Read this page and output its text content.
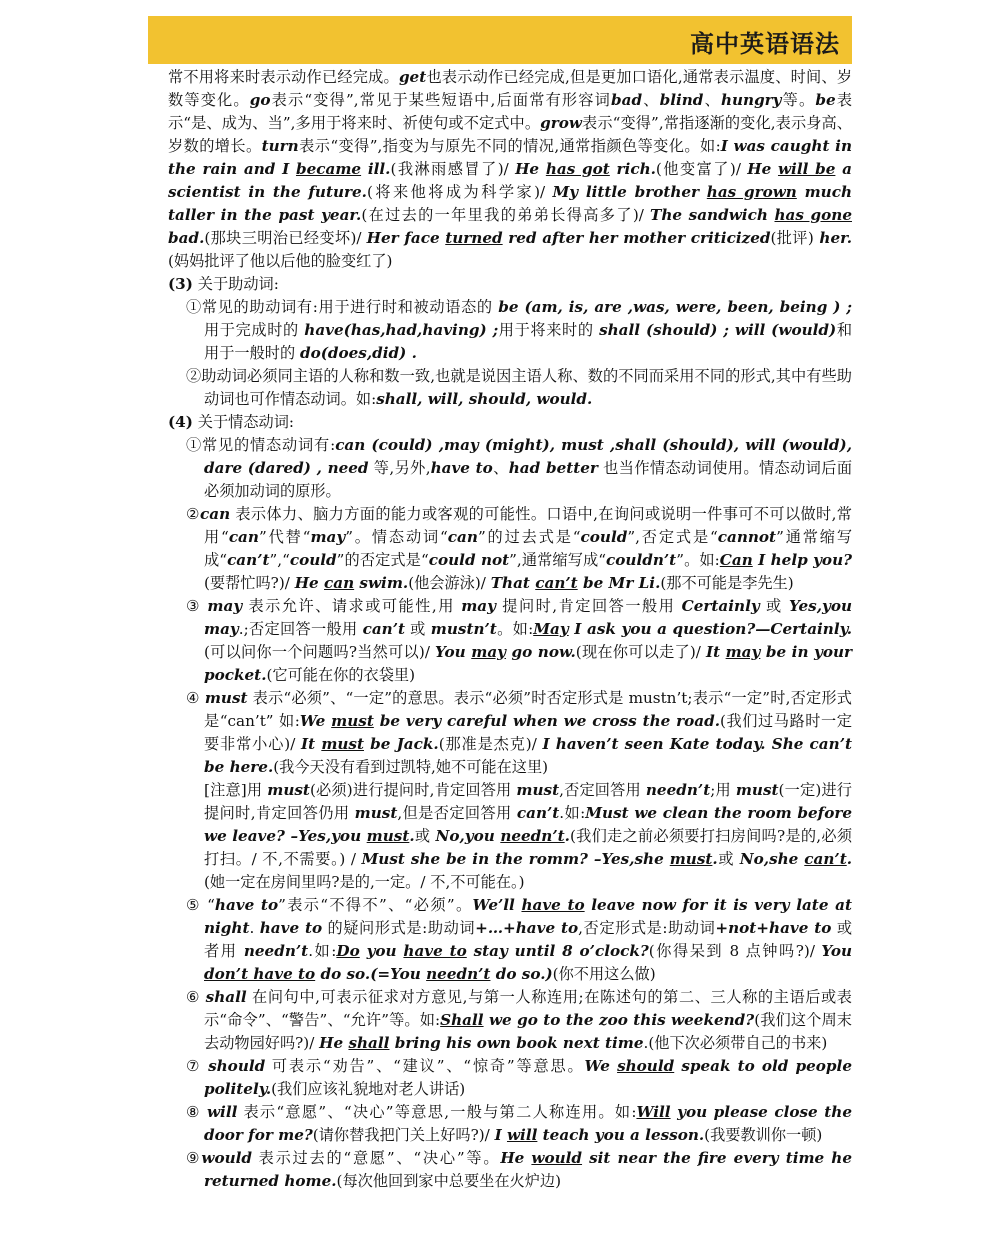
高中英语语法

常不用将来时表示动作已经完成。get也表示动作已经完成,但是更加口语化,通常表示温度、时间、岁数等变化。go表示“变得”,常见于某些短语中,后面常有形容词bad、blind、hungry等。be表示“是、成为、当”,多用于将来时、祈使句或不定式中。grow表示“变得”,常指逐渐的变化,表示身高、岁数的增长。turn表示“变得”,指变为与原先不同的情况,通常指颜色等变化。如:I was caught in the rain and I became ill.(我淋雨感冒了)/ He has got rich.(他变富了)/ He will be a scientist in the future.(将来他将成为科学家)/ My little brother has grown much taller in the past year.(在过去的一年里我的弟弟长得高多了)/ The sandwich has gone bad.(那块三明治已经变坏)/ Her face turned red after her mother criticized(批评) her.(妈妈批评了他以后他的脸变红了)

(3) 关于助动词:

①常见的助动词有:用于进行时和被动语态的 be (am, is, are ,was, were, been, being ) ; 用于完成时的 have(has,had,having) ;用于将来时的 shall (should) ; will (would)和用于一般时的 do(does,did) .

②助动词必须同主语的人称和数一致,也就是说因主语人称、数的不同而采用不同的形式,其中有些助动词也可作情态动词。如:shall, will, should, would.

(4) 关于情态动词:

①常见的情态动词有:can (could) ,may (might), must ,shall (should), will (would), dare (dared) , need 等,另外,have to、had better 也当作情态动词使用。情态动词后面必须加动词的原形。

②can 表示体力、脑力方面的能力或客观的可能性。口语中,在询问或说明一件事可不可以做时,常用“can”代替“may”。情态动词“can”的过去式是“could”,否定式是“cannot”通常缩写成“can’t”,“could”的否定式是“could not”,通常缩写成“couldn’t”。如:Can I help you?(要帮忙吗?)/ He can swim.(他会游泳)/ That can’t be Mr Li.(那不可能是李先生)

③ may 表示允许、请求或可能性,用 may 提问时,肯定回答一般用 Certainly 或 Yes,you may.;否定回答一般用 can’t 或 mustn’t。如:May I ask you a question?—Certainly.(可以问你一个问题吗?当然可以)/ You may go now.(现在你可以走了)/ It may be in your pocket.(它可能在你的衣袋里)

④ must 表示“必须”、“一定”的意思。表示“必须”时否定形式是 mustn’t;表示“一定”时,否定形式是“can’t” 如:We must be very careful when we cross the road.(我们过马路时一定要非常小心)/ It must be Jack.(那准是杰克)/ I haven’t seen Kate today. She can’t be here.(我今天没有看到过凯特,她不可能在这里)

[注意]用 must(必须)进行提问时,肯定回答用 must,否定回答用 needn’t;用 must(一定)进行提问时,肯定回答仍用 must,但是否定回答用 can’t.如:Must we clean the room before we leave? –Yes,you must.或 No,you needn’t.(我们走之前必须要打扫房间吗?是的,必须打扫。/ 不,不需要。) / Must she be in the romm? –Yes,she must.或 No,she can’t.(她一定在房间里吗?是的,一定。/ 不,不可能在。)

⑤ “have to”表示“不得不”、“必须”。We’ll have to leave now for it is very late at night. have to 的疑问形式是:助动词+…+have to,否定形式是:助动词+not+have to 或者用 needn’t.如:Do you have to stay until 8 o’clock?(你得呆到 8 点钟吗?)/ You don’t have to do so.(=You needn’t do so.)(你不用这么做)

⑥ shall 在问句中,可表示征求对方意见,与第一人称连用;在陈述句的第二、三人称的主语后或表示“命令”、“警告”、“允许”等。如:Shall we go to the zoo this weekend?(我们这个周末去动物园好吗?)/ He shall bring his own book next time.(他下次必须带自己的书来)

⑦ should 可表示“劝告”、“建议”、“惊奇”等意思。We should speak to old people politely.(我们应该礼貌地对老人讲话)

⑧ will 表示“意愿”、“决心”等意思,一般与第二人称连用。如:Will you please close the door for me?(请你替我把门关上好吗?)/ I will teach you a lesson.(我要教训你一顿)

⑨would 表示过去的“意愿”、“决心”等。He would sit near the fire every time he returned home.(每次他回到家中总要坐在火炉边)
